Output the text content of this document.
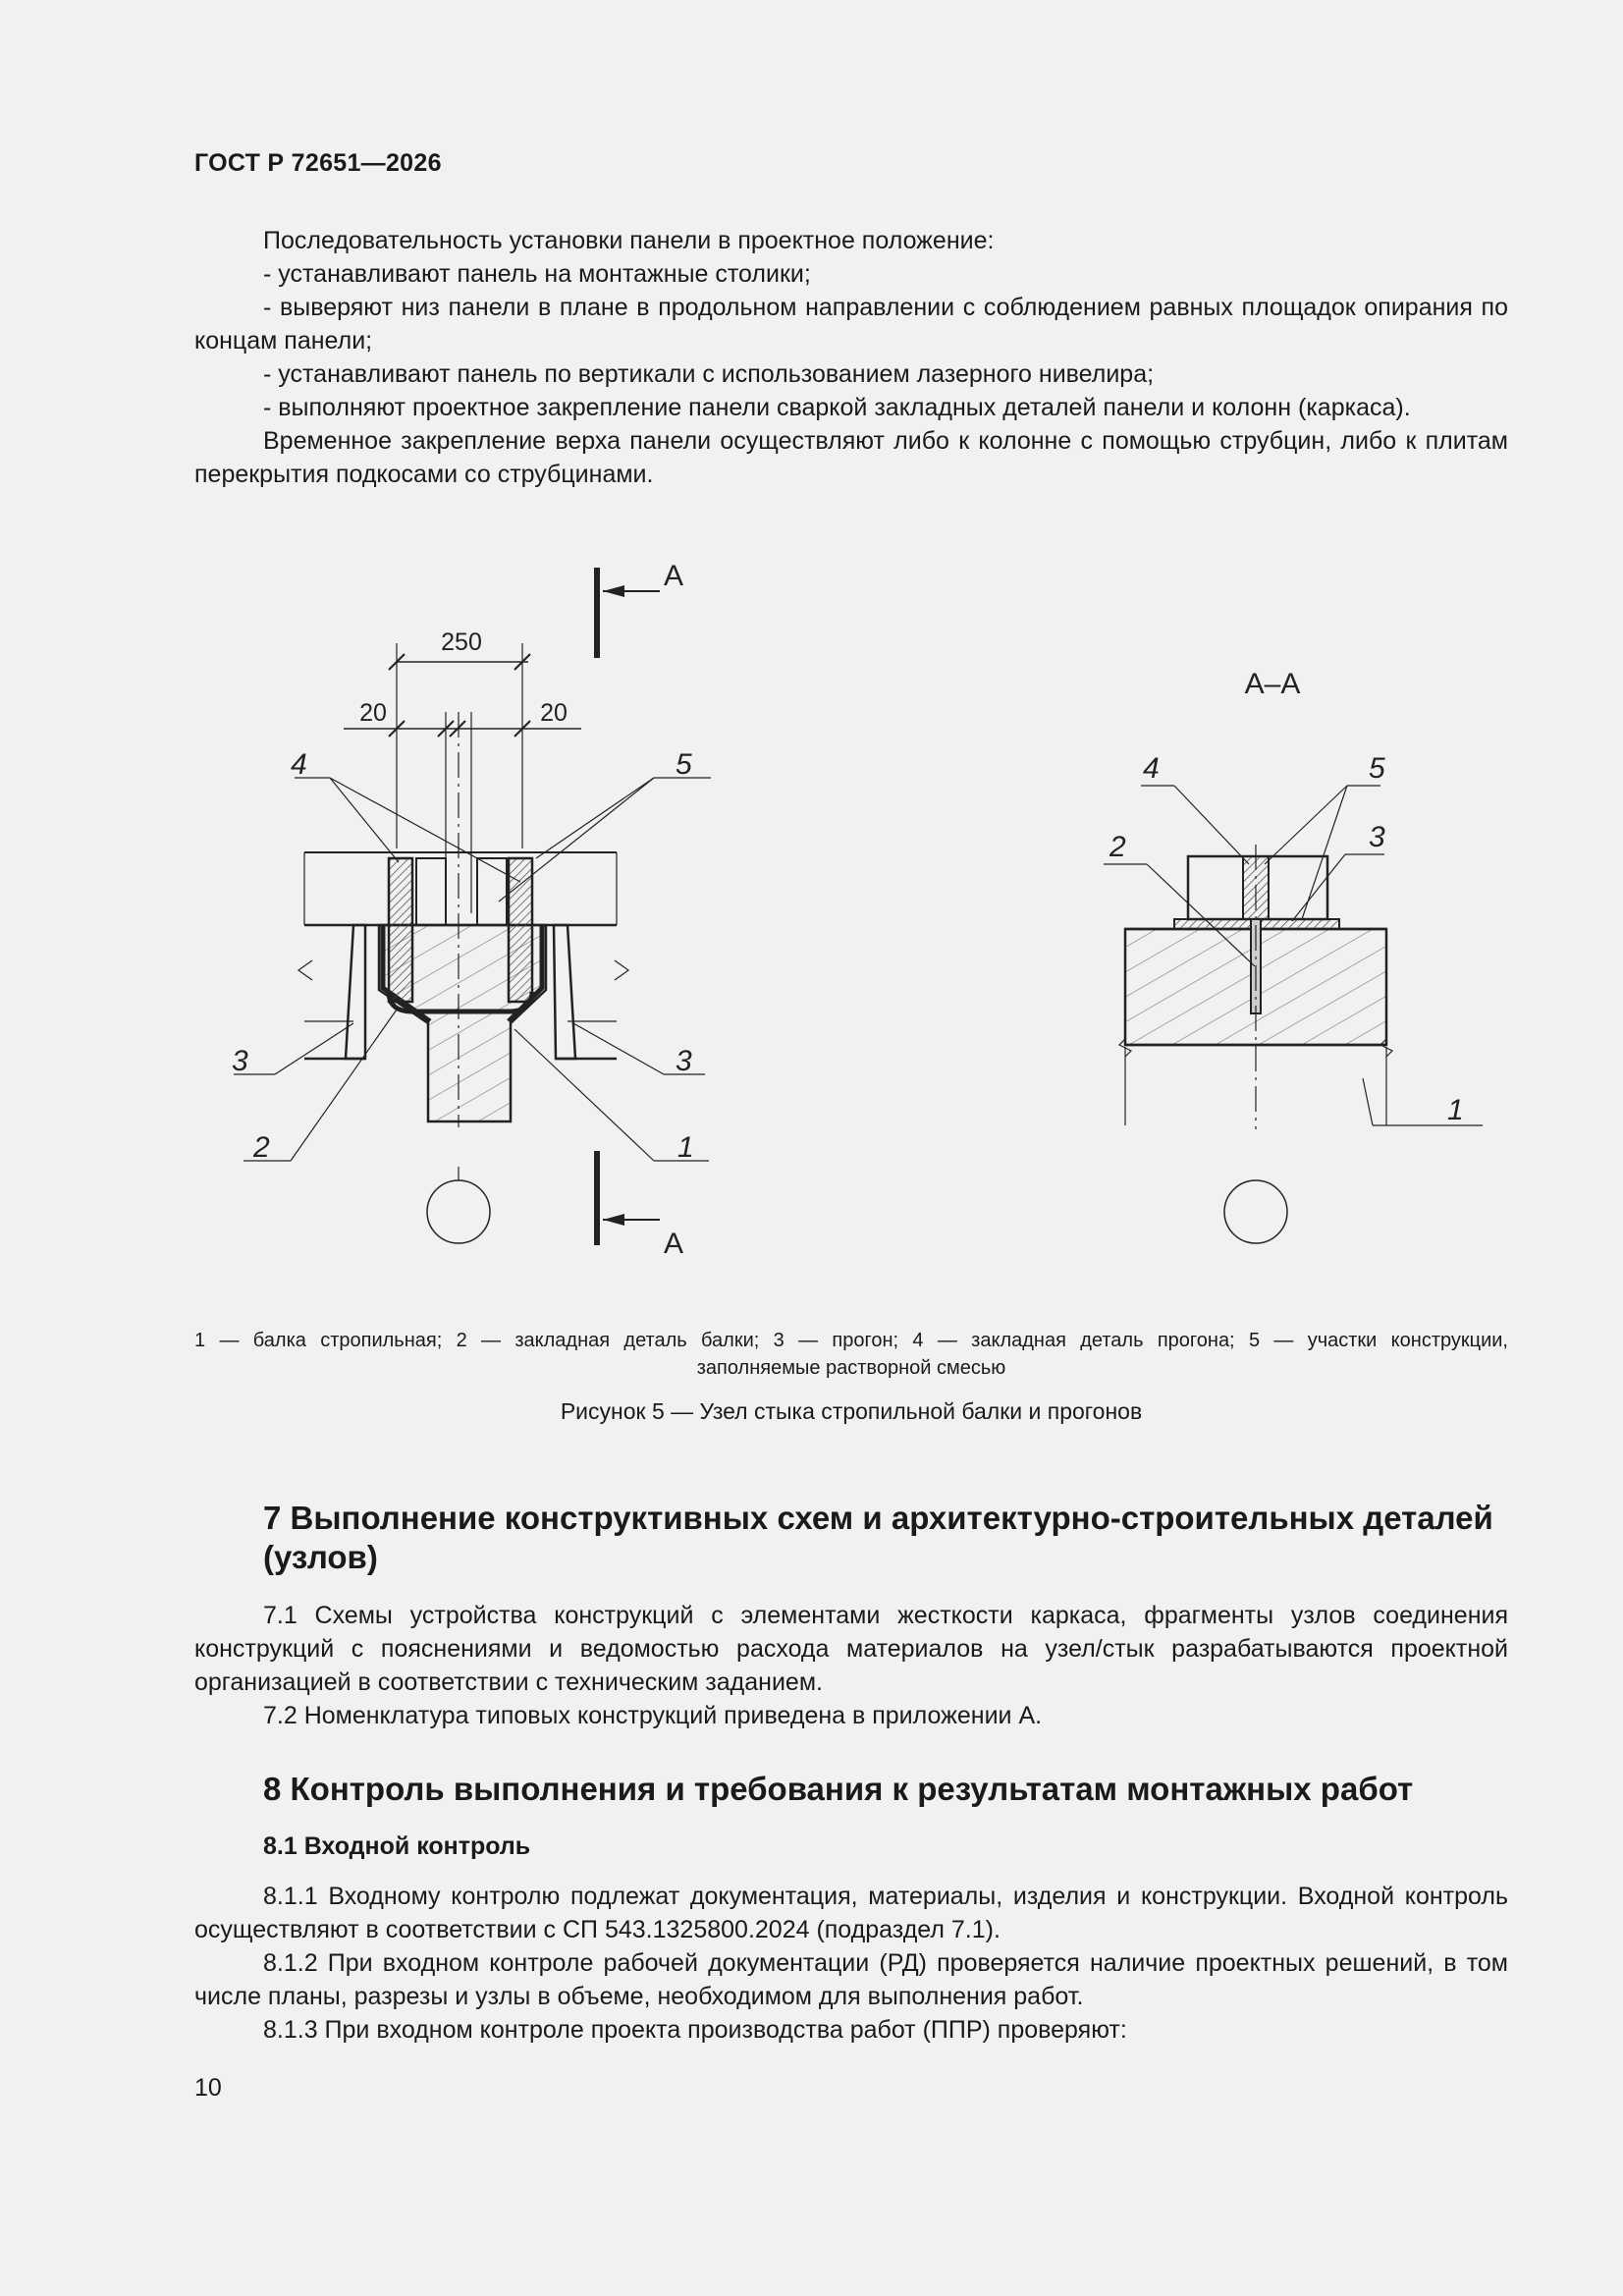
ГОСТ Р 72651—2026

Последовательность установки панели в проектное положение:

- устанавливают панель на монтажные столики;

- выверяют низ панели в плане в продольном направлении с соблюдением равных площадок опирания по концам панели;

- устанавливают панель по вертикали с использованием лазерного нивелира;

- выполняют проектное закрепление панели сваркой закладных деталей панели и колонн (каркаса).

Временное закрепление верха панели осуществляют либо к колонне с помощью струбцин, либо к плитам перекрытия подкосами со струбцинами.

А
А
250
20	20
4	5
3	3
2	1
А–А
4	5
2	3
1
1 — балка стропильная; 2 — закладная деталь балки; 3 — прогон; 4 — закладная деталь прогона; 5 — участки конструкции,
заполняемые растворной смесью
Рисунок 5 — Узел стыка стропильной балки и прогонов
7 Выполнение конструктивных схем и архитектурно-строительных деталей (узлов)

7.1 Схемы устройства конструкций с элементами жесткости каркаса, фрагменты узлов соединения конструкций с пояснениями и ведомостью расхода материалов на узел/стык разрабатываются проектной организацией в соответствии с техническим заданием.

7.2 Номенклатура типовых конструкций приведена в приложении А.

8 Контроль выполнения и требования к результатам монтажных работ
8.1 Входной контроль

8.1.1 Входному контролю подлежат документация, материалы, изделия и конструкции. Входной контроль осуществляют в соответствии с СП 543.1325800.2024 (подраздел 7.1).

8.1.2 При входном контроле рабочей документации (РД) проверяется наличие проектных решений, в том числе планы, разрезы и узлы в объеме, необходимом для выполнения работ.

8.1.3 При входном контроле проекта производства работ (ППР) проверяют:

10
